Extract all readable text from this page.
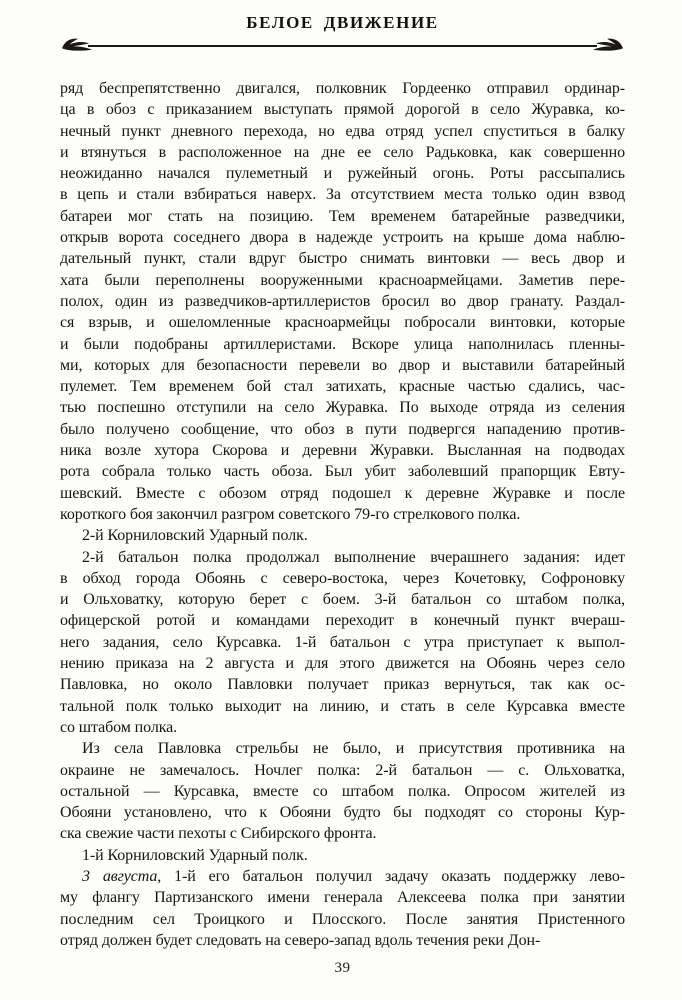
БЕЛОЕ ДВИЖЕНИЕ
ряд беспрепятственно двигался, полковник Гордеенко отправил ординар-
ца в обоз с приказанием выступать прямой дорогой в село Журавка, ко-
нечный пункт дневного перехода, но едва отряд успел спуститься в балку
и втянуться в расположенное на дне ее село Радьковка, как совершенно
неожиданно начался пулеметный и ружейный огонь. Роты рассыпались
в цепь и стали взбираться наверх. За отсутствием места только один взвод
батареи мог стать на позицию. Тем временем батарейные разведчики,
открыв ворота соседнего двора в надежде устроить на крыше дома наблю-
дательный пункт, стали вдруг быстро снимать винтовки — весь двор и
хата были переполнены вооруженными красноармейцами. Заметив пере-
полох, один из разведчиков-артиллеристов бросил во двор гранату. Раздал-
ся взрыв, и ошеломленные красноармейцы побросали винтовки, которые
и были подобраны артиллеристами. Вскоре улица наполнилась пленны-
ми, которых для безопасности перевели во двор и выставили батарейный
пулемет. Тем временем бой стал затихать, красные частью сдались, час-
тью поспешно отступили на село Журавка. По выходе отряда из селения
было получено сообщение, что обоз в пути подвергся нападению против-
ника возле хутора Скорова и деревни Журавки. Высланная на подводах
рота собрала только часть обоза. Был убит заболевший прапорщик Евту-
шевский. Вместе с обозом отряд подошел к деревне Журавке и после
короткого боя закончил разгром советского 79-го стрелкового полка.
2-й Корниловский Ударный полк.
2-й батальон полка продолжал выполнение вчерашнего задания: идет
в обход города Обоянь с северо-востока, через Кочетовку, Софроновку
и Ольховатку, которую берет с боем. 3-й батальон со штабом полка,
офицерской ротой и командами переходит в конечный пункт вчераш-
него задания, село Курсавка. 1-й батальон с утра приступает к выпол-
нению приказа на 2 августа и для этого движется на Обоянь через село
Павловка, но около Павловки получает приказ вернуться, так как ос-
тальной полк только выходит на линию, и стать в селе Курсавка вместе
со штабом полка.
Из села Павловка стрельбы не было, и присутствия противника на
окраине не замечалось. Ночлег полка: 2-й батальон — с. Ольховатка,
остальной — Курсавка, вместе со штабом полка. Опросом жителей из
Обояни установлено, что к Обояни будто бы подходят со стороны Кур-
ска свежие части пехоты с Сибирского фронта.
1-й Корниловский Ударный полк.
3 августа, 1-й его батальон получил задачу оказать поддержку лево-
му флангу Партизанского имени генерала Алексеева полка при занятии
последним сел Троицкого и Плосского. После занятия Пристенного
отряд должен будет следовать на северо-запад вдоль течения реки Дон-
39
